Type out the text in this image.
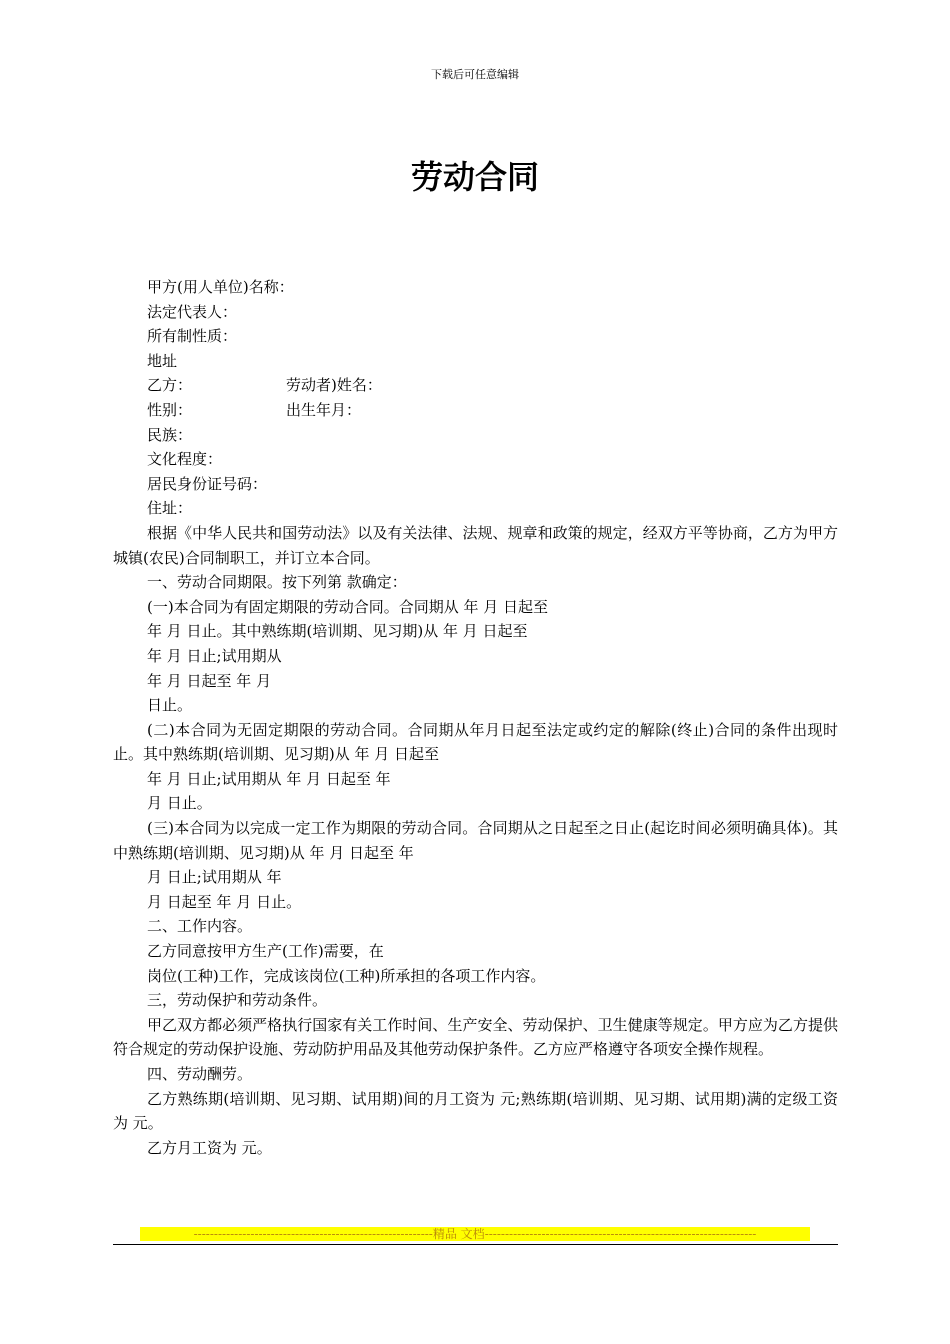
下载后可任意编辑
劳动合同
甲方(用人单位)名称：
法定代表人：
所有制性质：
地址
乙方：	劳动者)姓名：
性别：	出生年月：
民族：
文化程度：
居民身份证号码：
住址：
根据《中华人民共和国劳动法》以及有关法律、法规、规章和政策的规定，经双方平等协商，乙方为甲方城镇(农民)合同制职工，并订立本合同。
一、劳动合同期限。按下列第 款确定：
(一)本合同为有固定期限的劳动合同。合同期从 年 月 日起至
年 月 日止。其中熟练期(培训期、见习期)从 年 月 日起至
年 月 日止;试用期从
年 月 日起至 年 月
日止。
(二)本合同为无固定期限的劳动合同。合同期从年月日起至法定或约定的解除(终止)合同的条件出现时止。其中熟练期(培训期、见习期)从 年 月 日起至
年 月 日止;试用期从 年 月 日起至 年
月 日止。
(三)本合同为以完成一定工作为期限的劳动合同。合同期从之日起至之日止(起讫时间必须明确具体)。其中熟练期(培训期、见习期)从 年 月 日起至 年
月 日止;试用期从 年
月 日起至 年 月 日止。
二、工作内容。
乙方同意按甲方生产(工作)需要，在
岗位(工种)工作，完成该岗位(工种)所承担的各项工作内容。
三，劳动保护和劳动条件。
甲乙双方都必须严格执行国家有关工作时间、生产安全、劳动保护、卫生健康等规定。甲方应为乙方提供符合规定的劳动保护设施、劳动防护用品及其他劳动保护条件。乙方应严格遵守各项安全操作规程。
四、劳动酬劳。
乙方熟练期(培训期、见习期、试用期)间的月工资为 元;熟练期(培训期、见习期、试用期)满的定级工资为 元。
乙方月工资为 元。
-----------------------------------------------------------精品 文档-------------------------------------------------------------------
